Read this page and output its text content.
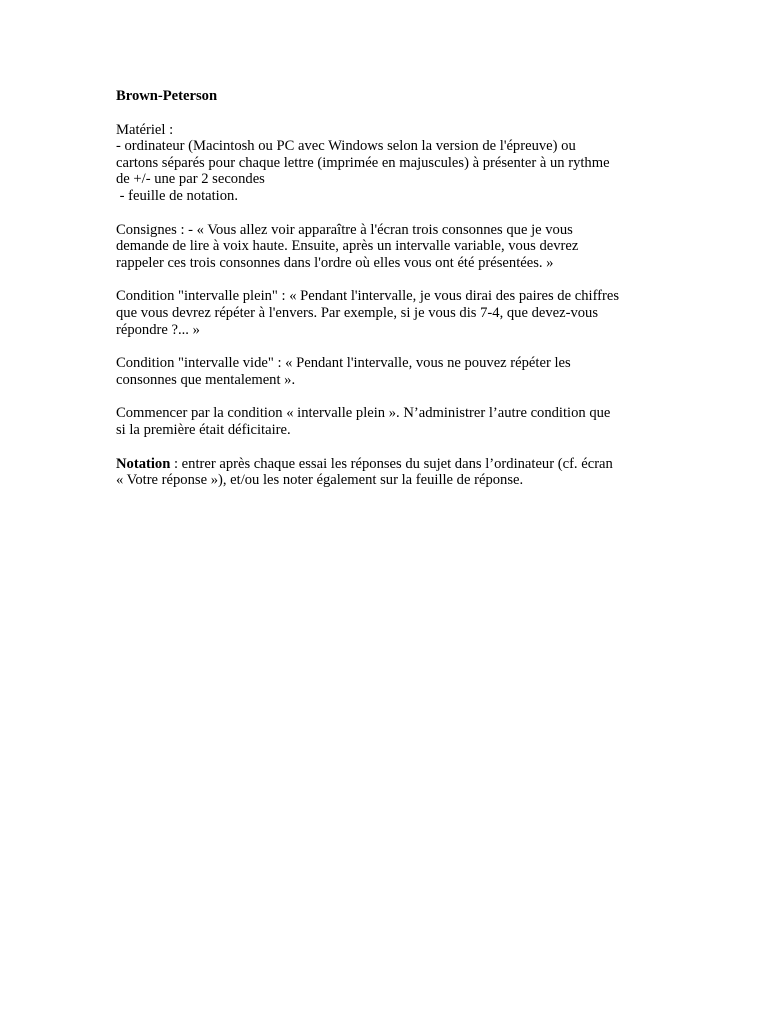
Brown-Peterson

Matériel :
- ordinateur (Macintosh ou PC avec Windows selon la version de l'épreuve) ou
cartons séparés pour chaque lettre (imprimée en majuscules) à présenter à un rythme
de +/- une par 2 secondes
- feuille de notation.

Consignes : - « Vous allez voir apparaître à l'écran trois consonnes que je vous
demande de lire à voix haute. Ensuite, après un intervalle variable, vous devrez
rappeler ces trois consonnes dans l'ordre où elles vous ont été présentées. »

Condition "intervalle plein" : « Pendant l'intervalle, je vous dirai des paires de chiffres
que vous devrez répéter à l'envers. Par exemple, si je vous dis 7-4, que devez-vous
répondre ?... »

Condition "intervalle vide" : « Pendant l'intervalle, vous ne pouvez répéter les
consonnes que mentalement ».

Commencer par la condition « intervalle plein ». N’administrer l’autre condition que
si la première était déficitaire.

Notation : entrer après chaque essai les réponses du sujet dans l’ordinateur (cf. écran
« Votre réponse »), et/ou les noter également sur la feuille de réponse.
